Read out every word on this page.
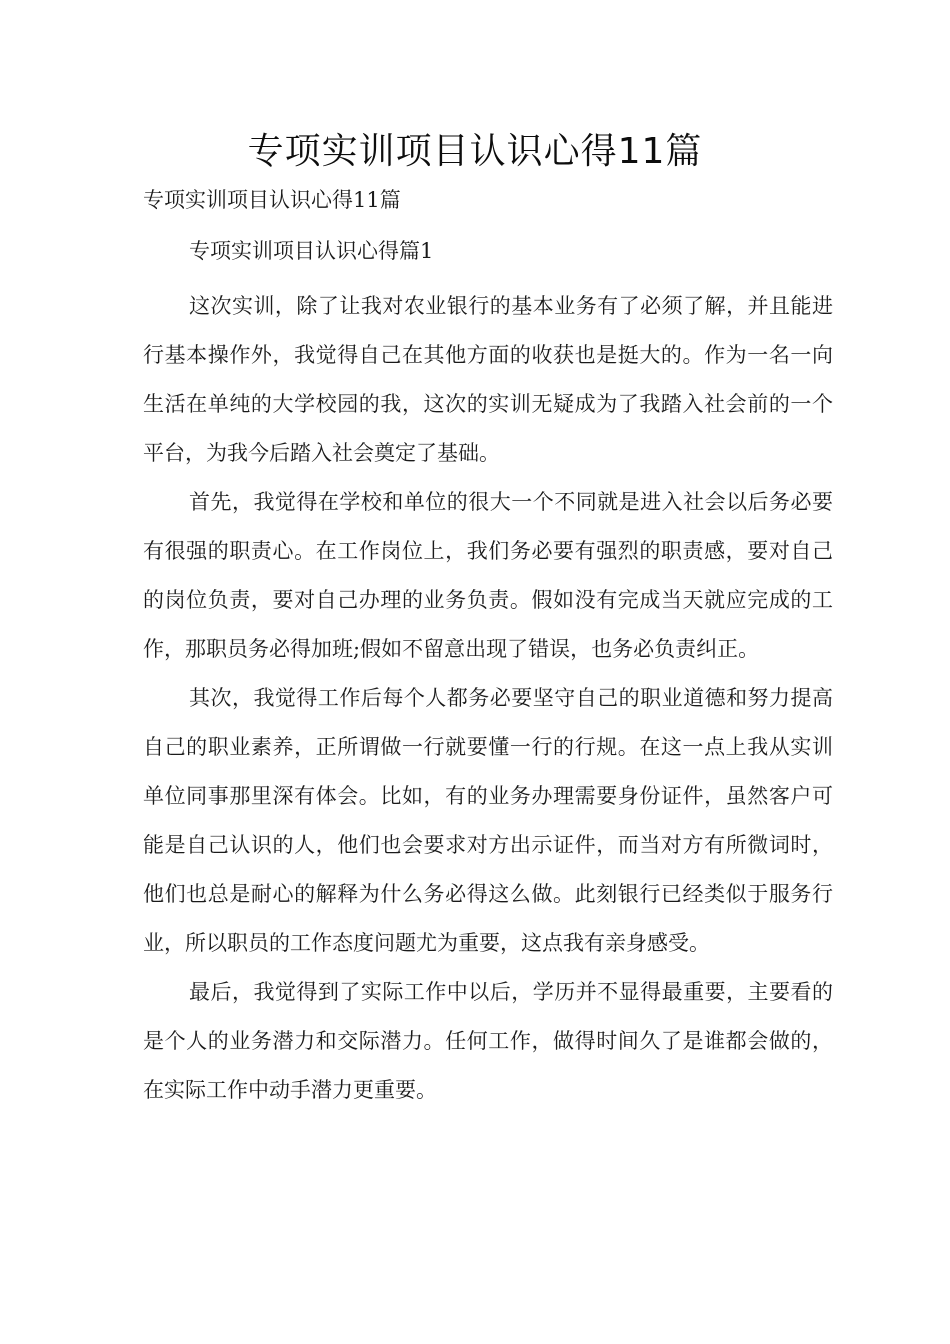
专项实训项目认识心得11篇
专项实训项目认识心得11篇
专项实训项目认识心得篇1

这次实训，除了让我对农业银行的基本业务有了必须了解，并且能进行基本操作外，我觉得自己在其他方面的收获也是挺大的。作为一名一向生活在单纯的大学校园的我，这次的实训无疑成为了我踏入社会前的一个平台，为我今后踏入社会奠定了基础。

首先，我觉得在学校和单位的很大一个不同就是进入社会以后务必要有很强的职责心。在工作岗位上，我们务必要有强烈的职责感，要对自己的岗位负责，要对自己办理的业务负责。假如没有完成当天就应完成的工作，那职员务必得加班;假如不留意出现了错误，也务必负责纠正。

其次，我觉得工作后每个人都务必要坚守自己的职业道德和努力提高自己的职业素养，正所谓做一行就要懂一行的行规。在这一点上我从实训单位同事那里深有体会。比如，有的业务办理需要身份证件，虽然客户可能是自己认识的人，他们也会要求对方出示证件，而当对方有所微词时，他们也总是耐心的解释为什么务必得这么做。此刻银行已经类似于服务行业，所以职员的工作态度问题尤为重要，这点我有亲身感受。

最后，我觉得到了实际工作中以后，学历并不显得最重要，主要看的是个人的业务潜力和交际潜力。任何工作，做得时间久了是谁都会做的，在实际工作中动手潜力更重要。
